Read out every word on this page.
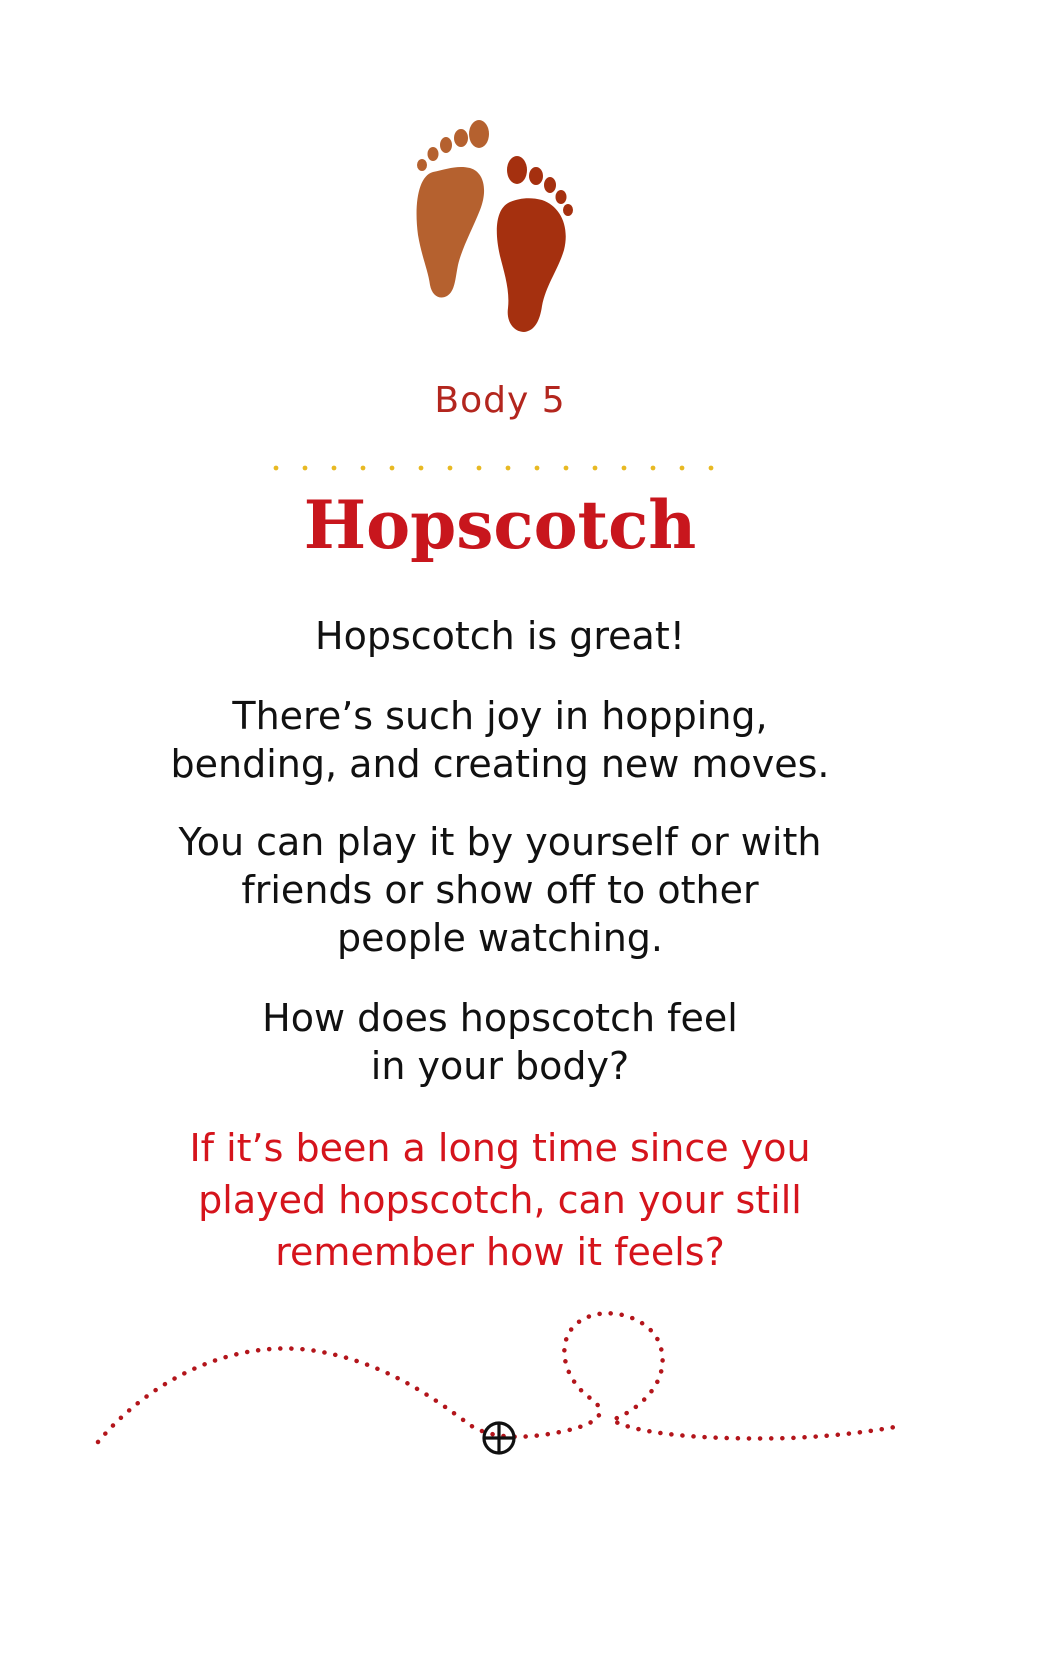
Body 5
Hopscotch
Hopscotch is great!
There’s such joy in hopping,
bending, and creating new moves.
You can play it by yourself or with
friends or show off to other
people watching.
How does hopscotch feel
in your body?
If it’s been a long time since you
played hopscotch, can your still
remember how it feels?
